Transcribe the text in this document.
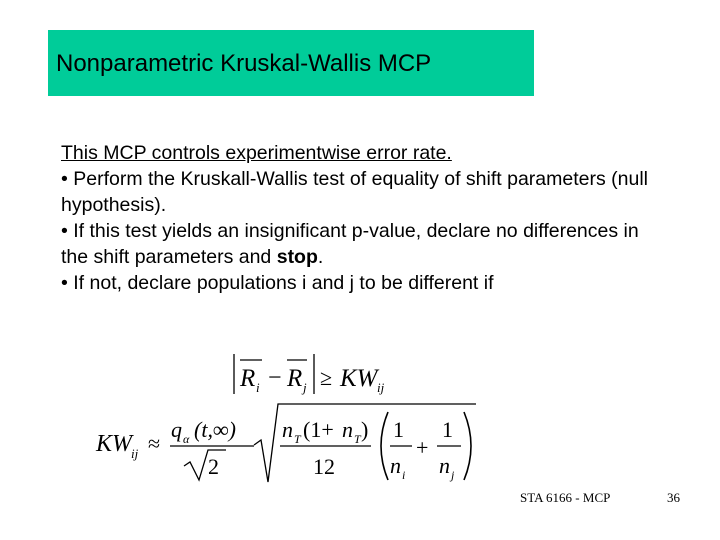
Nonparametric Kruskal-Wallis MCP

This MCP controls experimentwise error rate.

• Perform the Kruskall-Wallis test of equality of shift parameters (null hypothesis).

• If this test yields an insignificant p-value, declare no differences in the shift parameters and stop.

• If not, declare populations i and j to be different if

R i − R j ≥ KW ij
KW ij ≈
q α (t,∞)
2
n T (1+ n T )
12
1
n i
+
1
n j
STA 6166 - MCP	36
